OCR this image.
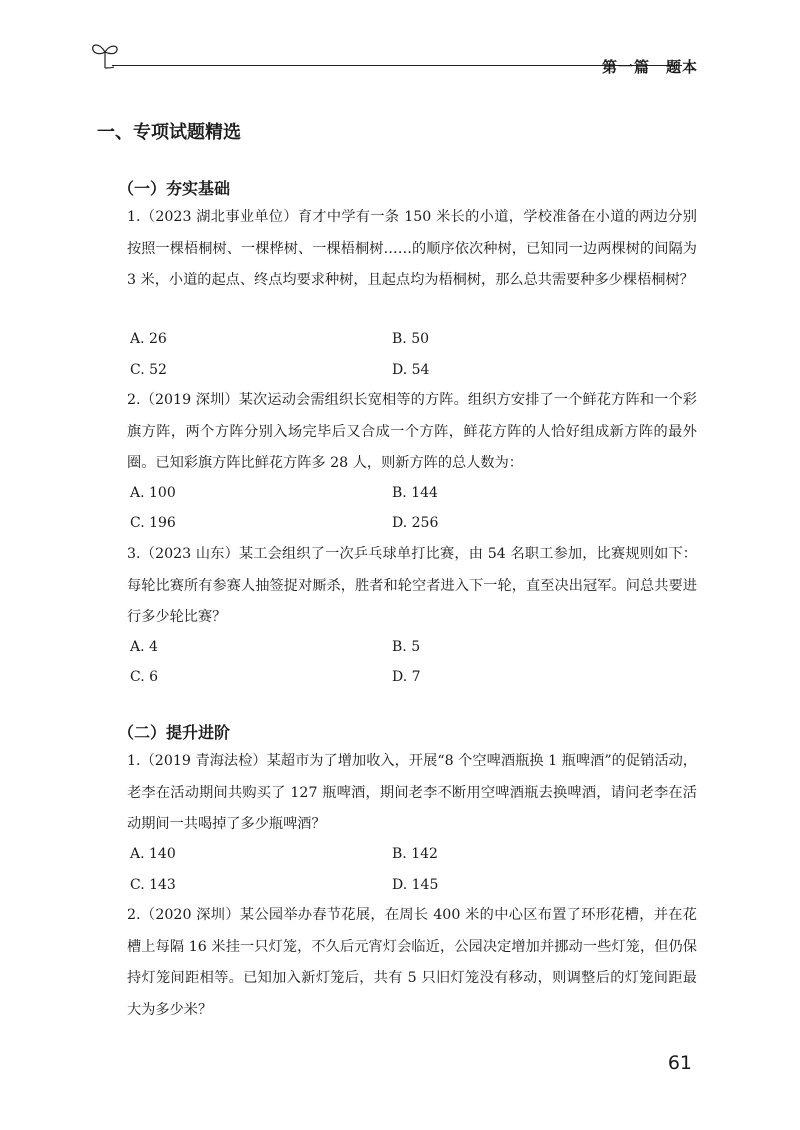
第一篇　题本
一、专项试题精选
（一）夯实基础
1.（2023 湖北事业单位）育才中学有一条 150 米长的小道，学校准备在小道的两边分别按照一棵梧桐树、一棵桦树、一棵梧桐树……的顺序依次种树，已知同一边两棵树的间隔为 3 米，小道的起点、终点均要求种树，且起点均为梧桐树，那么总共需要种多少棵梧桐树？
A. 26	B. 50
C. 52	D. 54
2.（2019 深圳）某次运动会需组织长宽相等的方阵。组织方安排了一个鲜花方阵和一个彩旗方阵，两个方阵分别入场完毕后又合成一个方阵，鲜花方阵的人恰好组成新方阵的最外圈。已知彩旗方阵比鲜花方阵多 28 人，则新方阵的总人数为：
A. 100	B. 144
C. 196	D. 256
3.（2023 山东）某工会组织了一次乒乓球单打比赛，由 54 名职工参加，比赛规则如下：每轮比赛所有参赛人抽签捉对厮杀，胜者和轮空者进入下一轮，直至决出冠军。问总共要进行多少轮比赛？
A. 4	B. 5
C. 6	D. 7
（二）提升进阶
1.（2019 青海法检）某超市为了增加收入，开展“8 个空啤酒瓶换 1 瓶啤酒”的促销活动，老李在活动期间共购买了 127 瓶啤酒，期间老李不断用空啤酒瓶去换啤酒，请问老李在活动期间一共喝掉了多少瓶啤酒？
A. 140	B. 142
C. 143	D. 145
2.（2020 深圳）某公园举办春节花展，在周长 400 米的中心区布置了环形花槽，并在花槽上每隔 16 米挂一只灯笼，不久后元宵灯会临近，公园决定增加并挪动一些灯笼，但仍保持灯笼间距相等。已知加入新灯笼后，共有 5 只旧灯笼没有移动，则调整后的灯笼间距最大为多少米？
61
